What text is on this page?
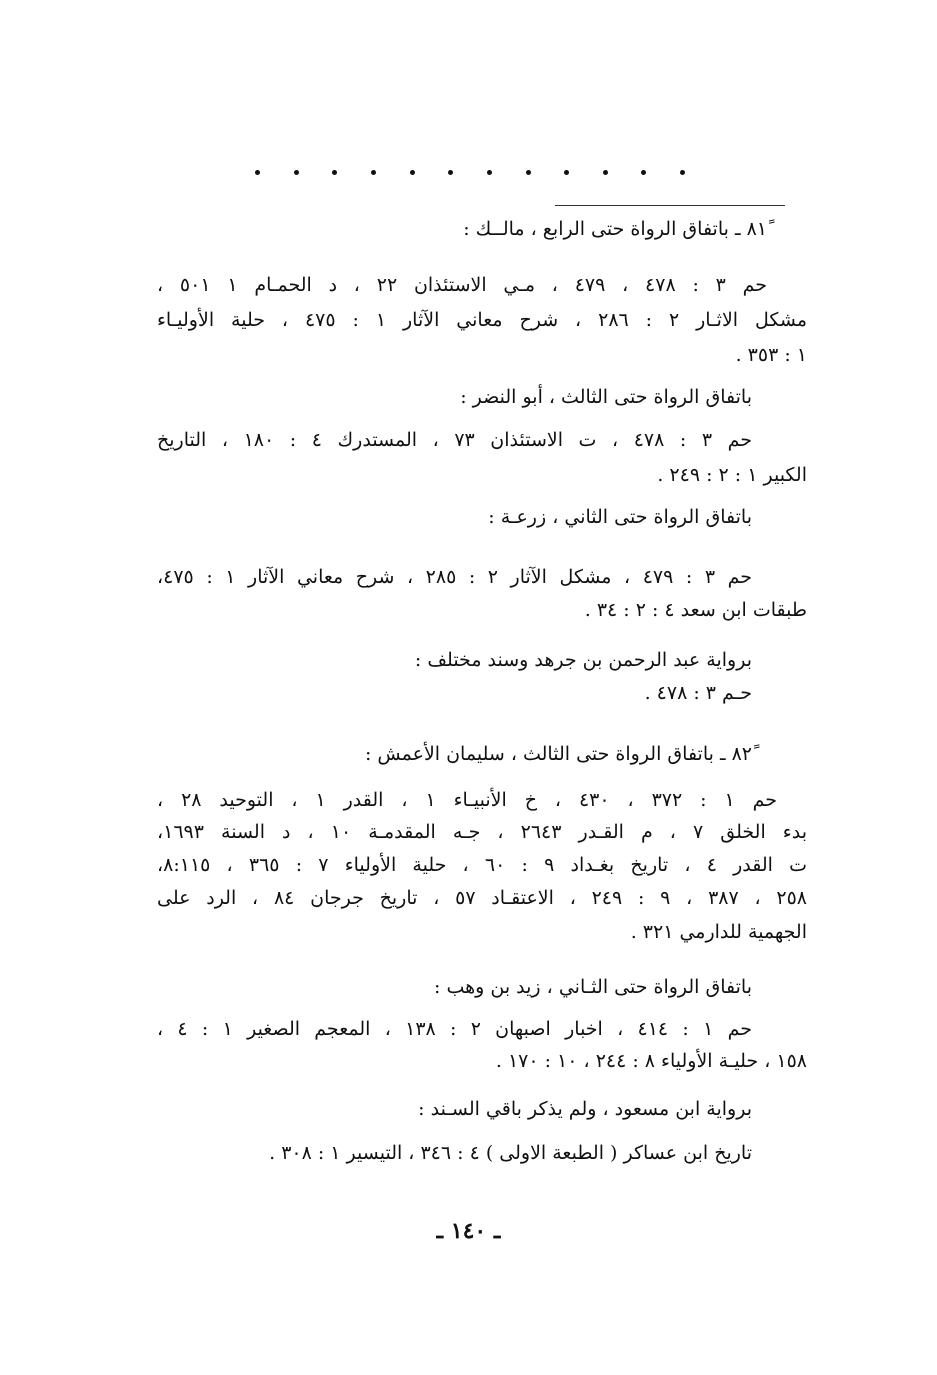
٨١ً ـ باتفاق الرواة حتى الرابع ، مالــك :
حم ٣ : ٤٧٨ ، ٤٧٩ ، مـي الاستئذان ٢٢ ، د الحمـام ١ ٥٠١ ،
مشكل الاثـار ٢ : ٢٨٦ ، شرح معاني الآثار ١ : ٤٧٥ ، حلية الأوليـاء
١ : ٣٥٣ .
باتفاق الرواة حتى الثالث ، أبو النضر :
حم ٣ : ٤٧٨ ، ت الاستئذان ٧٣ ، المستدرك ٤ : ١٨٠ ، التاريخ
الكبير ١ : ٢ : ٢٤٩ .
باتفاق الرواة حتى الثاني ، زرعـة :
حم ٣ : ٤٧٩ ، مشكل الآثار ٢ : ٢٨٥ ، شرح معاني الآثار ١ : ٤٧٥،
طبقات ابن سعد ٤ : ٢ : ٣٤ .
برواية عبد الرحمن بن جرهد وسند مختلف :
حـم ٣ : ٤٧٨ .
٨٢ً ـ باتفاق الرواة حتى الثالث ، سليمان الأعمش :
حم ١ : ٣٧٢ ، ٤٣٠ ، خ الأنبيـاء ١ ، القدر ١ ، التوحيد ٢٨ ،
بدء الخلق ٧ ، م القـدر ٢٦٤٣ ، جـه المقدمـة ١٠ ، د السنة ١٦٩٣،
ت القدر ٤ ، تاريخ بغـداد ٩ : ٦٠ ، حلية الأولياء ٧ : ٣٦٥ ، ٨:١١٥،
٢٥٨ ، ٣٨٧ ، ٩ : ٢٤٩ ، الاعتقـاد ٥٧ ، تاريخ جرجان ٨٤ ، الرد على
الجهمية للدارمي ٣٢١ .
باتفاق الرواة حتى الثـاني ، زيد بن وهب :
حم ١ : ٤١٤ ، اخبار اصبهان ٢ : ١٣٨ ، المعجم الصغير ١ : ٤ ،
١٥٨ ، حليـة الأولياء ٨ : ٢٤٤ ، ١٠ : ١٧٠ .
برواية ابن مسعود ، ولم يذكر باقي السـند :
تاريخ ابن عساكر ( الطبعة الاولى ) ٤ : ٣٤٦ ، التيسير ١ : ٣٠٨ .
ـ ١٤٠ ـ
